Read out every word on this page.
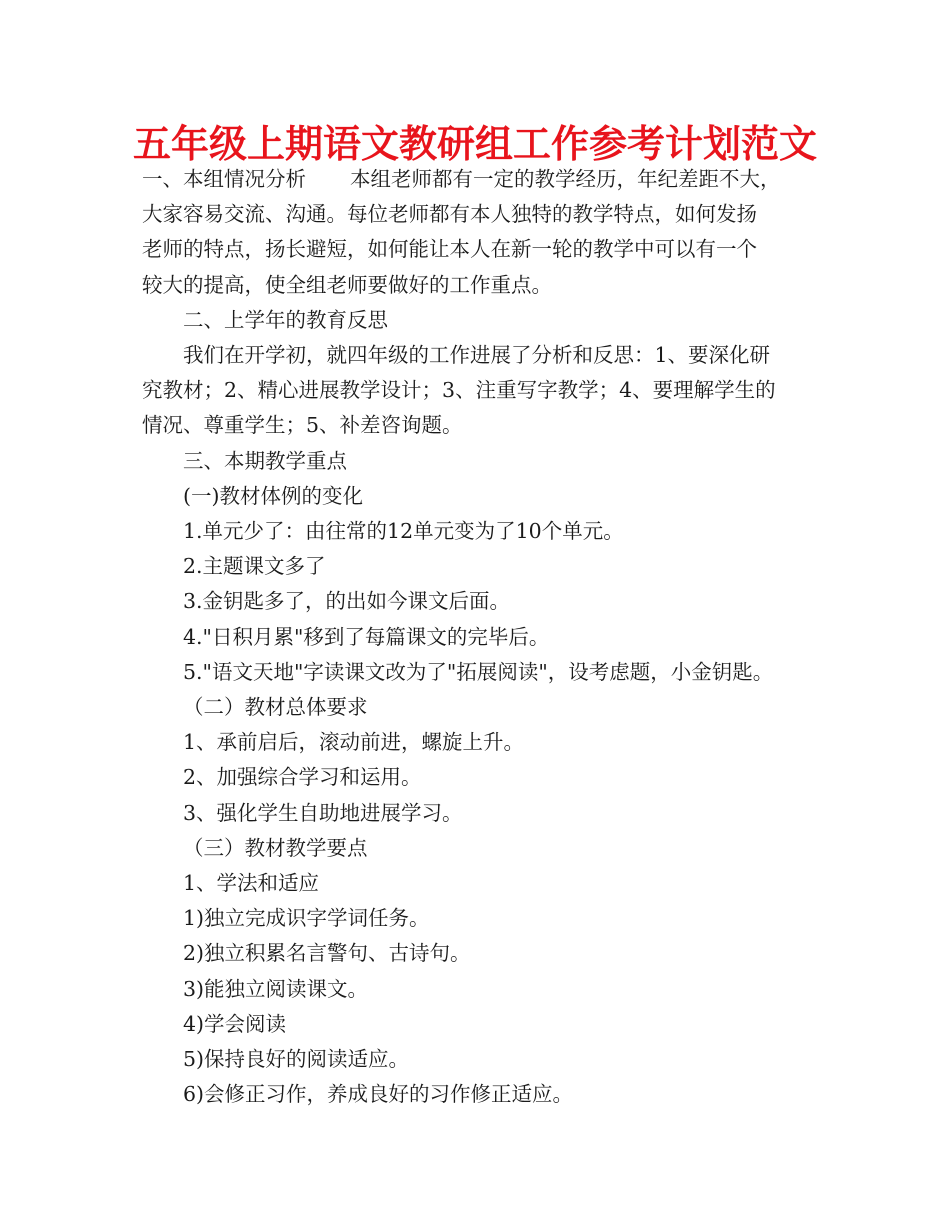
五年级上期语文教研组工作参考计划范文

一、本组情况分析 本组老师都有一定的教学经历，年纪差距不大，

大家容易交流、沟通。每位老师都有本人独特的教学特点，如何发扬

老师的特点，扬长避短，如何能让本人在新一轮的教学中可以有一个

较大的提高，使全组老师要做好的工作重点。

二、上学年的教育反思

我们在开学初，就四年级的工作进展了分析和反思：1、要深化研

究教材；2、精心进展教学设计；3、注重写字教学；4、要理解学生的

情况、尊重学生；5、补差咨询题。

三、本期教学重点

(一)教材体例的变化

1.单元少了：由往常的12单元变为了10个单元。

2.主题课文多了

3.金钥匙多了，的出如今课文后面。

4."日积月累"移到了每篇课文的完毕后。

5."语文天地"字读课文改为了"拓展阅读"，设考虑题，小金钥匙。

（二）教材总体要求

1、承前启后，滚动前进，螺旋上升。

2、加强综合学习和运用。

3、强化学生自助地进展学习。

（三）教材教学要点

1、学法和适应

1)独立完成识字学词任务。

2)独立积累名言警句、古诗句。

3)能独立阅读课文。

4)学会阅读

5)保持良好的阅读适应。

6)会修正习作，养成良好的习作修正适应。
